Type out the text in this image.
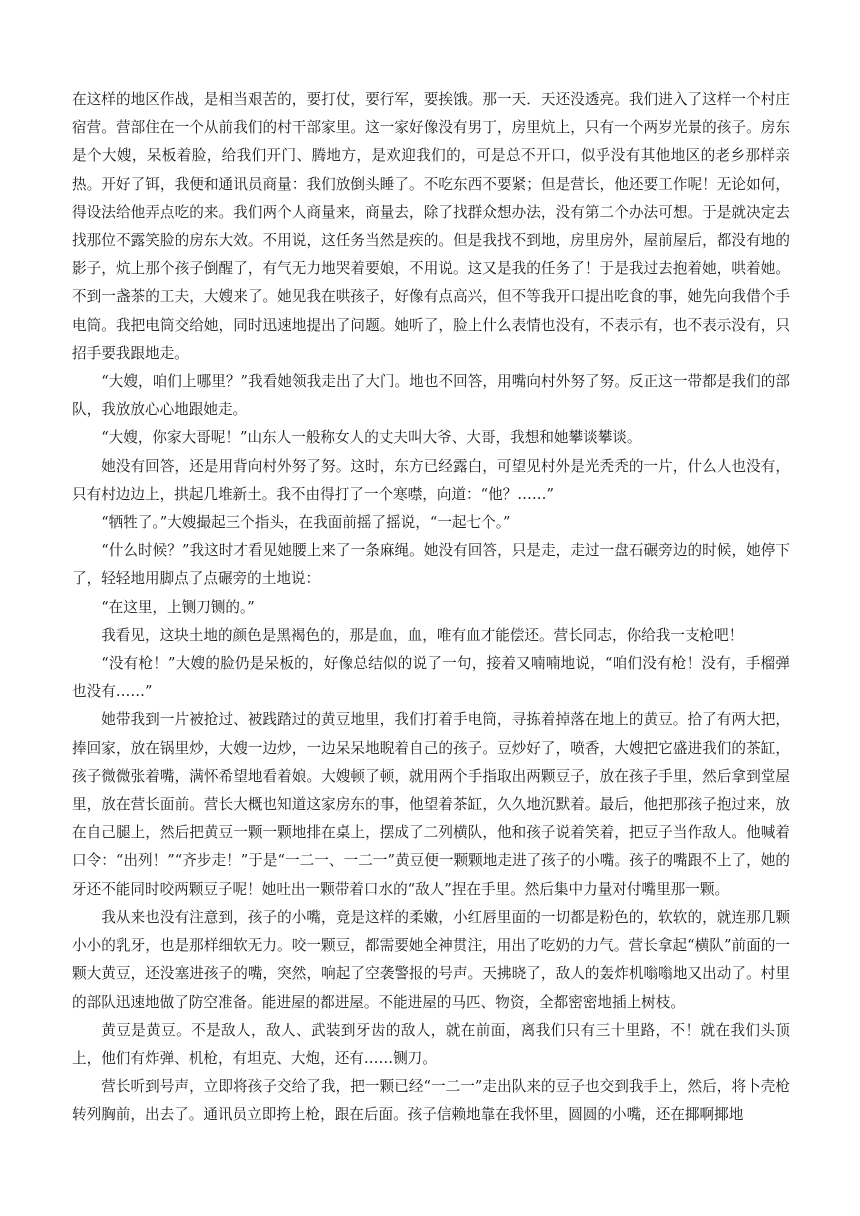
在这样的地区作战，是相当艰苦的，要打仗，要行军，要挨饿。那一天．天还没透亮。我们进入了这样一个村庄宿营。营部住在一个从前我们的村干部家里。这一家好像没有男丁，房里炕上，只有一个两岁光景的孩子。房东是个大嫂，呆板着脸，给我们开门、腾地方，是欢迎我们的，可是总不开口，似乎没有其他地区的老乡那样亲热。开好了铒，我便和通讯员商量：我们放倒头睡了。不吃东西不要紧；但是营长，他还要工作呢！无论如何，得设法给他弄点吃的来。我们两个人商量来，商量去，除了找群众想办法，没有第二个办法可想。于是就决定去找那位不露笑脸的房东大效。不用说，这任务当然是疾的。但是我找不到地，房里房外，屋前屋后，都没有地的影子，炕上那个孩子倒醒了，有气无力地哭着要娘，不用说。这又是我的任务了！于是我过去抱着她，哄着她。不到一盏茶的工夫，大嫂来了。她见我在哄孩子，好像有点高兴，但不等我开口提出吃食的事，她先向我借个手电筒。我把电筒交给她，同时迅速地提出了问题。她听了，脸上什么表情也没有，不表示有，也不表示没有，只招手要我跟地走。

“大嫂，咱们上哪里？”我看她领我走出了大门。地也不回答，用嘴向村外努了努。反正这一带都是我们的部队，我放放心心地跟她走。

“大嫂，你家大哥呢！”山东人一般称女人的丈夫叫大爷、大哥，我想和她攀谈攀谈。

她没有回答，还是用背向村外努了努。这时，东方已经露白，可望见村外是光秃秃的一片，什么人也没有，只有村边边上，拱起几堆新土。我不由得打了一个寒噤，向道：“他？……”

“牺牲了。”大嫂撮起三个指头，在我面前摇了摇说，“一起七个。”

“什么时候？”我这时才看见她腰上来了一条麻绳。她没有回答，只是走，走过一盘石碾旁边的时候，她停下了，轻轻地用脚点了点碾旁的土地说：

“在这里，上铡刀铡的。”

我看见，这块土地的颜色是黑褐色的，那是血，血，唯有血才能偿还。营长同志，你给我一支枪吧！

“没有枪！”大嫂的脸仍是呆板的，好像总结似的说了一句，接着又喃喃地说，“咱们没有枪！没有，手榴弹也没有……”

她带我到一片被抢过、被践踏过的黄豆地里，我们打着手电筒，寻拣着掉落在地上的黄豆。拾了有两大把，捧回家，放在锅里炒，大嫂一边炒，一边呆呆地睨着自己的孩子。豆炒好了，喷香，大嫂把它盛进我们的茶缸，孩子微微张着嘴，满怀希望地看着娘。大嫂顿了顿，就用两个手指取出两颗豆子，放在孩子手里，然后拿到堂屋里，放在营长面前。营长大概也知道这家房东的事，他望着茶缸，久久地沉默着。最后，他把那孩子抱过来，放在自己腿上，然后把黄豆一颗一颗地排在桌上，摆成了二列横队，他和孩子说着笑着，把豆子当作敌人。他喊着口令：“出列！”“齐步走！”于是“一二一、一二一”黄豆便一颗颗地走进了孩子的小嘴。孩子的嘴跟不上了，她的牙还不能同时咬两颗豆子呢！她吐出一颗带着口水的“敌人”捏在手里。然后集中力量对付嘴里那一颗。

我从来也没有注意到，孩子的小嘴，竟是这样的柔嫩，小红唇里面的一切都是粉色的，软软的，就连那几颗小小的乳牙，也是那样细软无力。咬一颗豆，都需要她全神贯注，用出了吃奶的力气。营长拿起“横队”前面的一颗大黄豆，还没塞进孩子的嘴，突然，响起了空袭警报的号声。天拂晓了，敌人的轰炸机嗡嗡地又出动了。村里的部队迅速地做了防空准备。能进屋的都进屋。不能进屋的马匹、物资，全都密密地插上树枝。

黄豆是黄豆。不是敌人，敌人、武装到牙齿的敌人，就在前面，离我们只有三十里路，不！就在我们头顶上，他们有炸弹、机枪，有坦克、大炮，还有……铡刀。

营长听到号声，立即将孩子交给了我，把一颗已经“一二一”走出队来的豆子也交到我手上，然后，将卜壳枪转列胸前，出去了。通讯员立即挎上枪，跟在后面。孩子信赖地靠在我怀里，圆圆的小嘴，还在揶啊揶地
